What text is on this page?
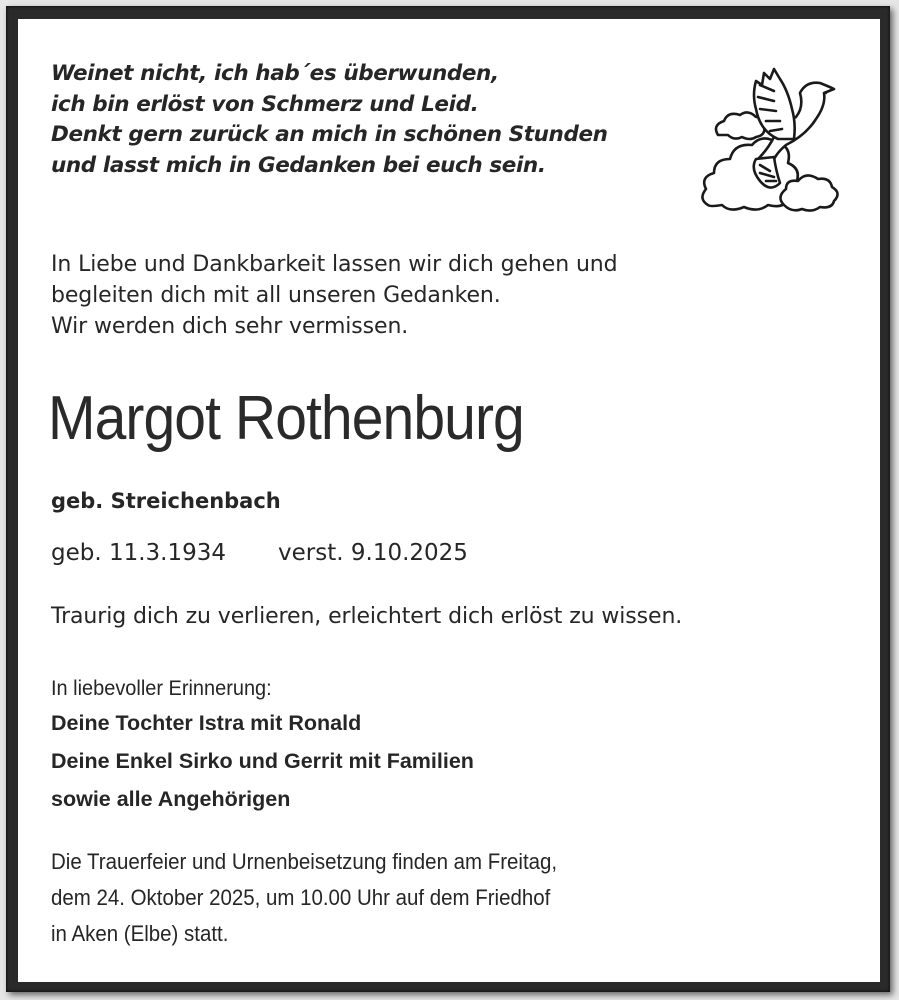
Weinet nicht, ich hab´es überwunden,
ich bin erlöst von Schmerz und Leid.
Denkt gern zurück an mich in schönen Stunden
und lasst mich in Gedanken bei euch sein.
In Liebe und Dankbarkeit lassen wir dich gehen und
begleiten dich mit all unseren Gedanken.
Wir werden dich sehr vermissen.
Margot Rothenburg
geb. Streichenbach
geb. 11.3.1934 verst. 9.10.2025
Traurig dich zu verlieren, erleichtert dich erlöst zu wissen.
In liebevoller Erinnerung:
Deine Tochter Istra mit Ronald
Deine Enkel Sirko und Gerrit mit Familien
sowie alle Angehörigen
Die Trauerfeier und Urnenbeisetzung finden am Freitag,
dem 24. Oktober 2025, um 10.00 Uhr auf dem Friedhof
in Aken (Elbe) statt.
